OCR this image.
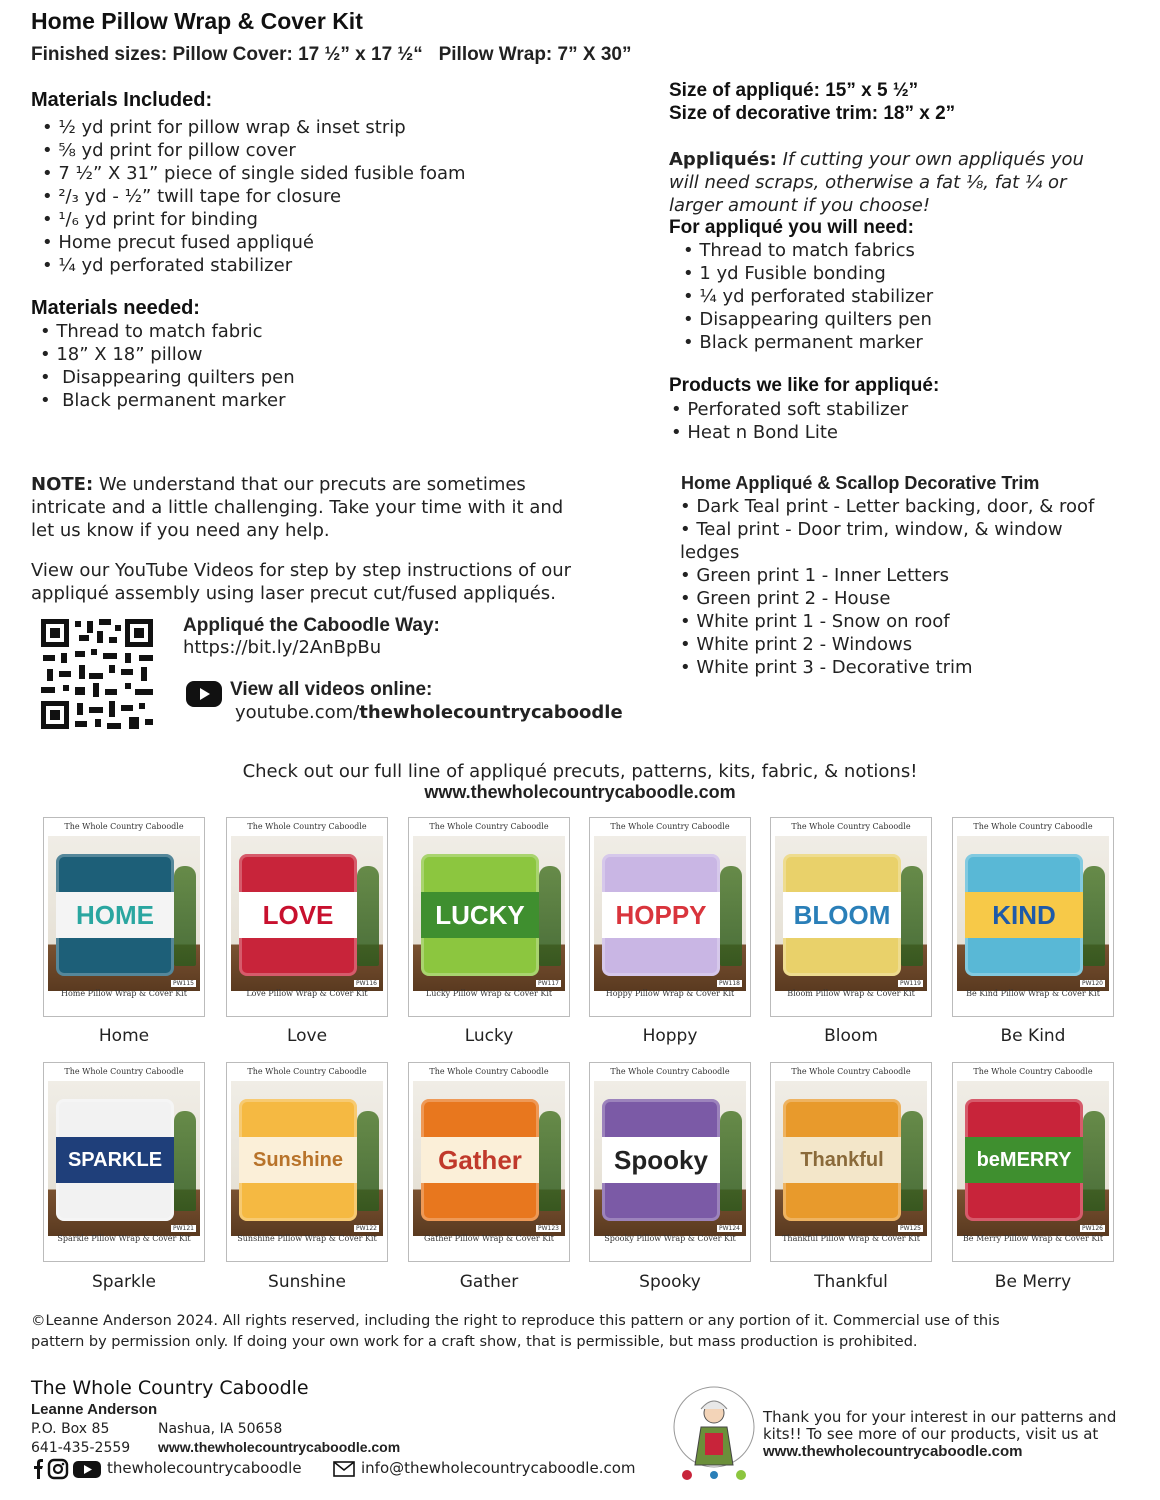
Home Pillow Wrap & Cover Kit
Finished sizes: Pillow Cover: 17 ½” x 17 ½“   Pillow Wrap: 7” X 30”
Materials Included:
• ½ yd print for pillow wrap & inset strip
• ⅝ yd print for pillow cover
• 7 ½” X 31” piece of single sided fusible foam
• ²/₃ yd - ½” twill tape for closure
• ¹/₆ yd print for binding
• Home precut fused appliqué
• ¼ yd perforated stabilizer
Materials needed:
• Thread to match fabric
• 18” X 18” pillow
•  Disappearing quilters pen
•  Black permanent marker
Size of appliqué: 15” x 5 ½”
Size of decorative trim: 18” x 2”
Appliqués: If cutting your own appliqués you
will need scraps, otherwise a fat ⅛, fat ¼ or
larger amount if you choose!
For appliqué you will need:
• Thread to match fabrics
• 1 yd Fusible bonding
• ¼ yd perforated stabilizer
• Disappearing quilters pen
• Black permanent marker
Products we like for appliqué:
• Perforated soft stabilizer
• Heat n Bond Lite
NOTE: We understand that our precuts are sometimes
intricate and a little challenging. Take your time with it and
let us know if you need any help.
View our YouTube Videos for step by step instructions of our
appliqué assembly using laser precut cut/fused appliqués.
Appliqué the Caboodle Way:
https://bit.ly/2AnBpBu
View all videos online:
youtube.com/thewholecountrycaboodle
Home Appliqué & Scallop Decorative Trim
• Dark Teal print - Letter backing, door, & roof
• Teal print - Door trim, window, & window
ledges
• Green print 1 - Inner Letters
• Green print 2 - House
• White print 1 - Snow on roof
• White print 2 - Windows
• White print 3 - Decorative trim
Check out our full line of appliqué precuts, patterns, kits, fabric, & notions!
www.thewholecountrycaboodle.com
The Whole Country Caboodle
HOME
PW115
Home Pillow Wrap & Cover Kit
Home
The Whole Country Caboodle
LOVE
PW116
Love Pillow Wrap & Cover Kit
Love
The Whole Country Caboodle
LUCKY
PW117
Lucky Pillow Wrap & Cover Kit
Lucky
The Whole Country Caboodle
HOPPY
PW118
Hoppy Pillow Wrap & Cover Kit
Hoppy
The Whole Country Caboodle
BLOOM
PW119
Bloom Pillow Wrap & Cover Kit
Bloom
The Whole Country Caboodle
KIND
PW120
Be Kind Pillow Wrap & Cover Kit
Be Kind
The Whole Country Caboodle
SPARKLE
PW121
Sparkle Pillow Wrap & Cover Kit
Sparkle
The Whole Country Caboodle
Sunshine
PW122
Sunshine Pillow Wrap & Cover Kit
Sunshine
The Whole Country Caboodle
Gather
PW123
Gather Pillow Wrap & Cover Kit
Gather
The Whole Country Caboodle
Spooky
PW124
Spooky Pillow Wrap & Cover Kit
Spooky
The Whole Country Caboodle
Thankful
PW125
Thankful Pillow Wrap & Cover Kit
Thankful
The Whole Country Caboodle
beMERRY
PW126
Be Merry Pillow Wrap & Cover Kit
Be Merry
©Leanne Anderson 2024. All rights reserved, including the right to reproduce this pattern or any portion of it. Commercial use of this
pattern by permission only. If doing your own work for a craft show, that is permissible, but mass production is prohibited.
The Whole Country Caboodle
Leanne Anderson
P.O. Box 85	Nashua, IA 50658
641-435-2559 www.thewholecountrycaboodle.com
thewholecountrycaboodle	info@thewholecountrycaboodle.com
Thank you for your interest in our patterns and
kits!! To see more of our products, visit us at
www.thewholecountrycaboodle.com
